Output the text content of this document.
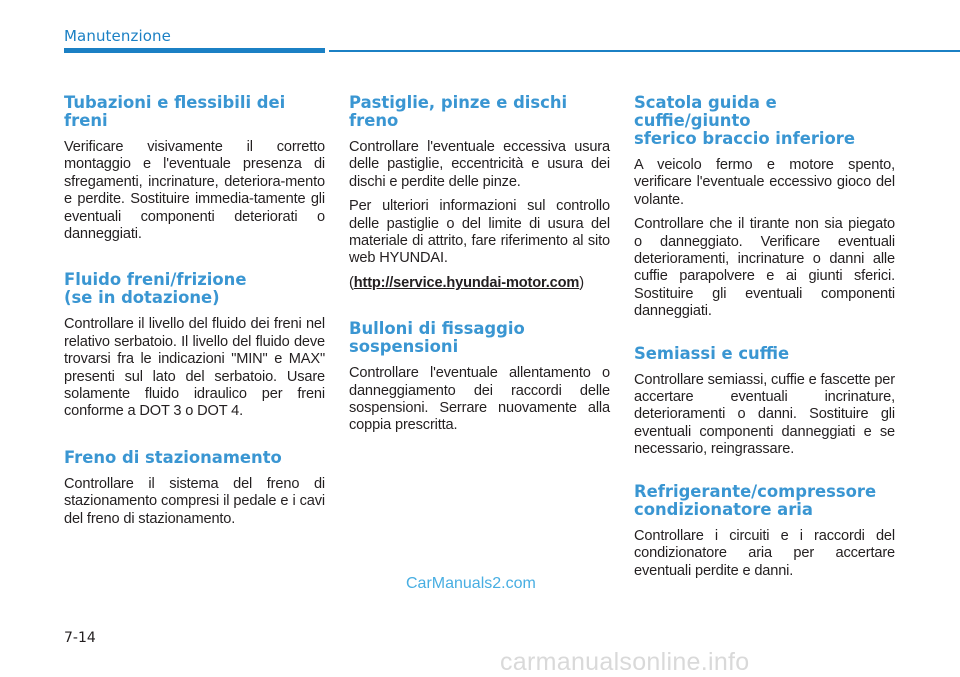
Manutenzione
Tubazioni e flessibili dei freni

Verificare visivamente il corretto montaggio e l'eventuale presenza di sfregamenti, incrinature, deteriora-mento e perdite. Sostituire immedia-tamente gli eventuali componenti deteriorati o danneggiati.

Fluido freni/frizione
(se in dotazione)

Controllare il livello del fluido dei freni nel relativo serbatoio. Il livello del fluido deve trovarsi fra le indicazioni "MIN" e MAX" presenti sul lato del serbatoio. Usare solamente fluido idraulico per freni conforme a DOT 3 o DOT 4.

Freno di stazionamento

Controllare il sistema del freno di stazionamento compresi il pedale e i cavi del freno di stazionamento.

Pastiglie, pinze e dischi freno

Controllare l'eventuale eccessiva usura delle pastiglie, eccentricità e usura dei dischi e perdite delle pinze.

Per ulteriori informazioni sul controllo delle pastiglie o del limite di usura del materiale di attrito, fare riferimento al sito web HYUNDAI.

(http://service.hyundai-motor.com)

Bulloni di fissaggio
sospensioni

Controllare l'eventuale allentamento o danneggiamento dei raccordi delle sospensioni. Serrare nuovamente alla coppia prescritta.

Scatola guida e cuffie/giunto
sferico braccio inferiore

A veicolo fermo e motore spento, verificare l'eventuale eccessivo gioco del volante.

Controllare che il tirante non sia piegato o danneggiato. Verificare eventuali deterioramenti, incrinature o danni alle cuffie parapolvere e ai giunti sferici. Sostituire gli eventuali componenti danneggiati.

Semiassi e cuffie

Controllare semiassi, cuffie e fascette per accertare eventuali incrinature, deterioramenti o danni. Sostituire gli eventuali componenti danneggiati e se necessario, reingrassare.

Refrigerante/compressore
condizionatore aria

Controllare i circuiti e i raccordi del condizionatore aria per accertare eventuali perdite e danni.

CarManuals2.com
7-14
carmanualsonline.info
